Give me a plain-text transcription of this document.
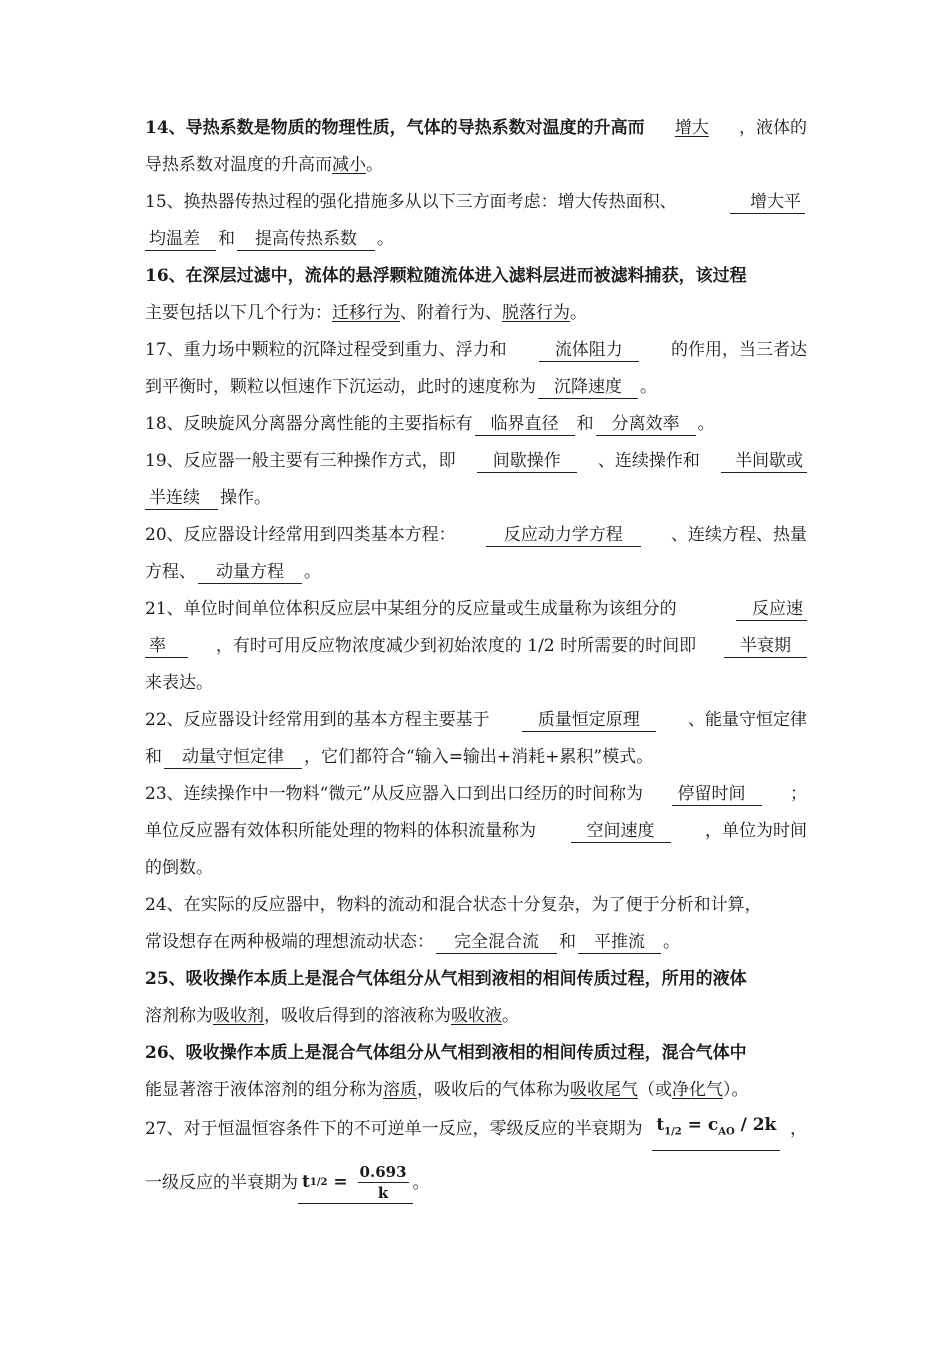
14、导热系数是物质的物理性质，气体的导热系数对温度的升高而 增大 ，液体的
导热系数对温度的升高而 减小 。
15、换热器传热过程的强化措施多从以下三方面考虑：增大传热面积、	增大平
均温差	和	提高传热系数	。
16、在深层过滤中，流体的悬浮颗粒随流体进入滤料层进而被滤料捕获，该过程
主要包括以下几个行为： 迁移行为 、附着行为、 脱落行为 。
17、重力场中颗粒的沉降过程受到重力、浮力和	流体阻力	的作用，当三者达
到平衡时，颗粒以恒速作下沉运动，此时的速度称为	沉降速度	。
18、反映旋风分离器分离性能的主要指标有	临界直径	和	分离效率	。
19、反应器一般主要有三种操作方式，即	间歇操作	、连续操作和	半间歇或
半连续	操作。
20、反应器设计经常用到四类基本方程：	反应动力学方程	、连续方程、热量
方程、	动量方程	。
21、单位时间单位体积反应层中某组分的反应量或生成量称为该组分的	反应速
率	，有时可用反应物浓度减少到初始浓度的 1/2 时所需要的时间即	半衰期
来表达。
22、反应器设计经常用到的基本方程主要基于	质量恒定原理	、能量守恒定律
和	动量守恒定律	，它们都符合“输入=输出+消耗+累积”模式。
23、连续操作中一物料“微元”从反应器入口到出口经历的时间称为	停留时间	；
单位反应器有效体积所能处理的物料的体积流量称为	空间速度	，单位为时间
的倒数。
24、在实际的反应器中，物料的流动和混合状态十分复杂，为了便于分析和计算，
常设想存在两种极端的理想流动状态：	完全混合流	和	平推流	。
25、吸收操作本质上是混合气体组分从气相到液相的相间传质过程，所用的液体
溶剂称为 吸收剂 ，吸收后得到的溶液称为 吸收液 。
26、吸收操作本质上是混合气体组分从气相到液相的相间传质过程，混合气体中
能显著溶于液体溶剂的组分称为 溶质 ，吸收后的气体称为 吸收尾气 （或 净化气 ）。
27、对于恒温恒容条件下的不可逆单一反应，零级反应的半衰期为 $t_{1/2} = c_{AO} / 2k$ ，
一级反应的半衰期为 t $1/2 = \frac{0.693}{k}$ 。
